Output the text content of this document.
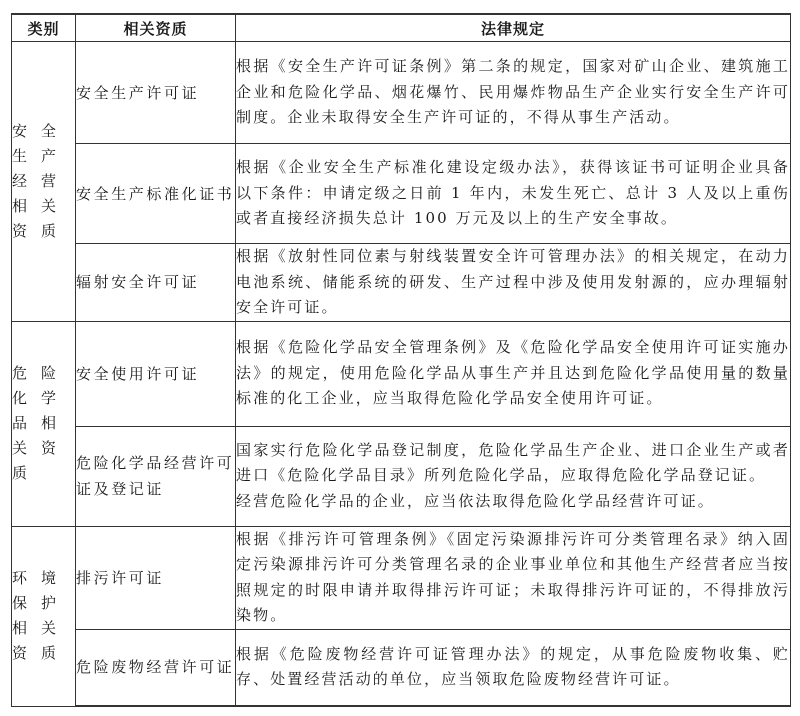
类别	相关资质	法律规定
安全生产经营相关资质	安全生产许可证	根据《安全生产许可证条例》第二条的规定，国家对矿山企业、建筑施工企业和危险化学品、烟花爆竹、民用爆炸物品生产企业实行安全生产许可制度。企业未取得安全生产许可证的，不得从事生产活动。

	安全生产标准化证书	根据《企业安全生产标准化建设定级办法》，获得该证书可证明企业具备以下条件：申请定级之日前 1 年内，未发生死亡、总计 3 人及以上重伤或者直接经济损失总计 100 万元及以上的生产安全事故。

	辐射安全许可证	根据《放射性同位素与射线装置安全许可管理办法》的相关规定，在动力电池系统、储能系统的研发、生产过程中涉及使用发射源的，应办理辐射安全许可证。

危险化学品相关资质	安全使用许可证	根据《危险化学品安全管理条例》及《危险化学品安全使用许可证实施办法》的规定，使用危险化学品从事生产并且达到危险化学品使用量的数量标准的化工企业，应当取得危险化学品安全使用许可证。

	危险化学品经营许可证及登记证	国家实行危险化学品登记制度，危险化学品生产企业、进口企业生产或者进口《危险化学品目录》所列危险化学品，应取得危险化学品登记证。

经营危险化学品的企业，应当依法取得危险化学品经营许可证。

环境保护相关资质	排污许可证	根据《排污许可管理条例》《固定污染源排污许可分类管理名录》纳入固定污染源排污许可分类管理名录的企业事业单位和其他生产经营者应当按照规定的时限申请并取得排污许可证；未取得排污许可证的，不得排放污染物。

	危险废物经营许可证	根据《危险废物经营许可证管理办法》的规定，从事危险废物收集、贮存、处置经营活动的单位，应当领取危险废物经营许可证。
